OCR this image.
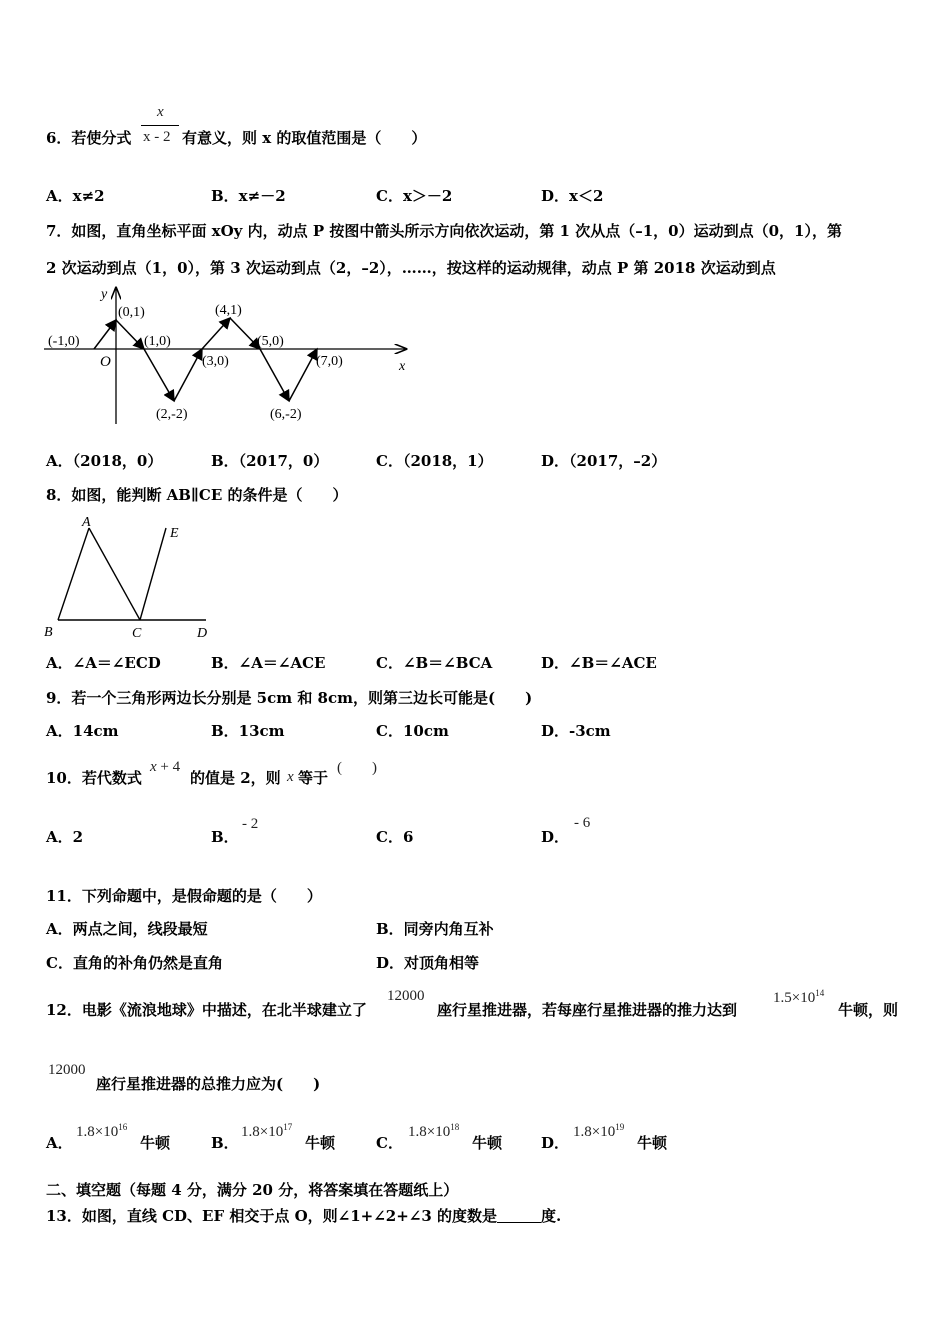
x
x - 2
6．若使分式	有意义，则 x 的取值范围是（　　）
A．x≠2	B．x≠－2	C．x＞－2	D．x＜2
7．如图，直角坐标平面 xOy 内，动点 P 按图中箭头所示方向依次运动，第 1 次从点（–1，0）运动到点（0，1），第
2 次运动到点（1，0），第 3 次运动到点（2，–2），……，按这样的运动规律，动点 P 第 2018 次运动到点
y
x
O
(-1,0)
(0,1)
(1,0)
(2,-2)
(3,0)
(4,1)
(5,0)
(6,-2)
(7,0)
A．（2018，0）	B．（2017，0）	C．（2018，1）	D．（2017，–2）
8．如图，能判断 AB∥CE 的条件是（　　）
A
E
B	C	D
A．∠A＝∠ECD	B．∠A＝∠ACE	C．∠B＝∠BCA	D．∠B＝∠ACE
9．若一个三角形两边长分别是 5cm 和 8cm，则第三边长可能是(　　)
A．14cm	B．13cm	C．10cm	D．-3cm
10．若代数式
x + 4
的值是 2，则 x 等于
(　　)
A．2	B．
- 2
C．6	D．
- 6
11．下列命题中，是假命题的是（　　）
A．两点之间，线段最短	B．同旁内角互补
C．直角的补角仍然是直角	D．对顶角相等
12．电影《流浪地球》中描述，在北半球建立了
12000
座行星推进器，若每座行星推进器的推力达到
$1.5\times 10^{14}$
牛顿，则
12000
座行星推进器的总推力应为(　　)
A．
$1.8\times 10^{16}$
牛顿	B．
$1.8\times 10^{17}$
牛顿	C．
$1.8\times 10^{18}$
牛顿	D．
$1.8\times 10^{19}$
牛顿
二、填空题（每题 4 分，满分 20 分，将答案填在答题纸上）
13．如图，直线 CD、EF 相交于点 O，则∠1+∠2+∠3 的度数是	度.
